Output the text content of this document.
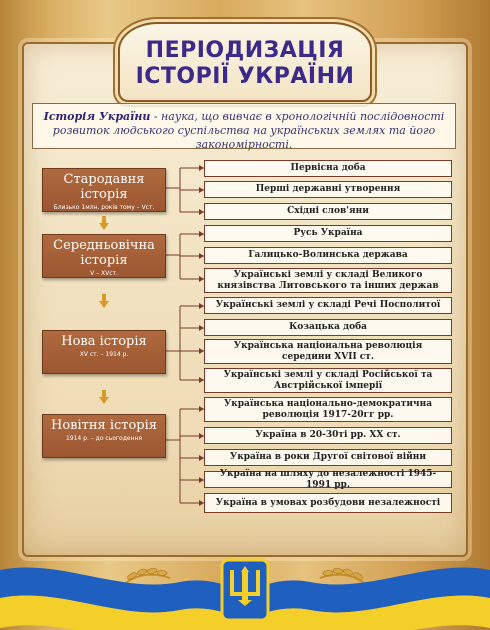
ПЕРІОДИЗАЦІЯ
ІСТОРІЇ УКРАЇНИ
Історія України - наука, що вивчає в хронологічній послідовності розвиток людського суспільства на українських землях та його закономірності.
Стародавня історія
Близько 1млн. років тому – Vст.
Середньовічна історія
V – XVст.
Нова історія
XV ст. – 1914 р.
Новітня історія
1914 р. – до сьогодення
Первісна доба
Перші державні утворення
Східні слов'яни
Русь Україна
Галицько-Волинська держава
Українські землі у складі Великого князівства Литовського та інших держав
Українські землі у складі Речі Посполитої
Козацька доба
Українська національна революція середини XVII ст.
Українські землі у складі Російської та Австрійської імперії
Українська національно-демократична революція 1917-20гг рр.
Україна в 20-30ті рр. ХХ ст.
Україна в роки Другої світової війни
Україна на шляху до незалежності 1945-1991 рр.
Україна в умовах розбудови незалежності
